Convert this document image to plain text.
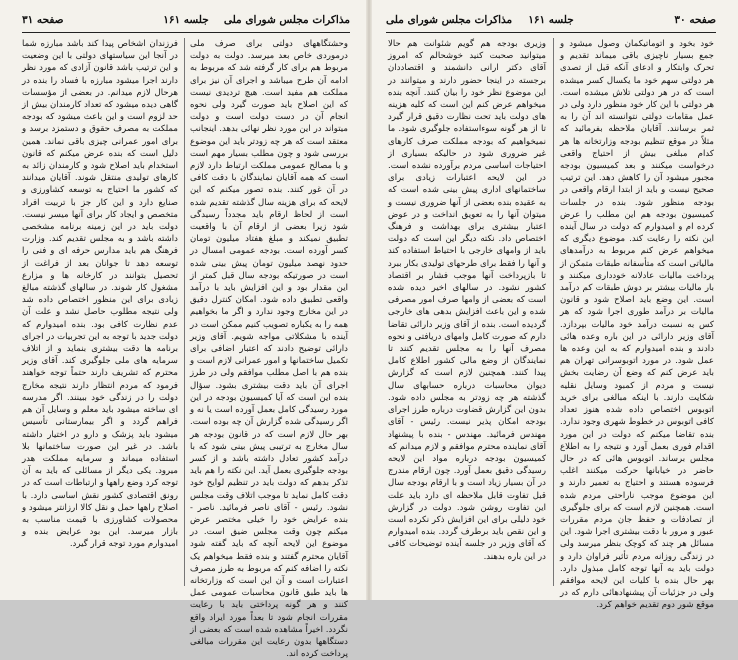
مذاکرات مجلس شورای ملی
جلسه ۱۶۱
صفحه ۳۱

وحشتگاههای دولتی برای صرف ملی درموردی خاص بعد میرسد. دولت به دولت مربوط هم برای کار گرفته شد که مربوط به ادامه آن طرح میباشد و اجرای آن نیز برای مملکت هم مفید است. هیچ تردیدی نیست که این اصلاح باید صورت گیرد ولی نحوه انجام آن در دست دولت است و دولت میتواند در این مورد نظر نهائی بدهد. اینجانب معتقد است که هر چه زودتر باید این موضوع بررسی شود و چون مطلب بسیار مهم است و با مصالح عمومی مملکت ارتباط دارد لازم است که همه آقایان نمایندگان با دقت کافی در آن غور کنند. بنده تصور میکنم که این لایحه که برای هزینه سال گذشته تقدیم شده است از لحاظ ارقام باید مجدداً رسیدگی شود زیرا بعضی از ارقام آن با واقعیت تطبیق نمیکند و مبلغ هفتاد میلیون تومان کسر آورده است. بودجه عمومی امسال در حدود نهصد میلیون تومان پیش بینی شده است در صورتیکه بودجه سال قبل کمتر از این مقدار بود و این افزایش باید با درآمد واقعی تطبیق داده شود. امکان کنترل دقیق در این مخارج وجود ندارد و اگر ما بخواهیم همه را به یکباره تصویب کنیم ممکن است در آینده با مشکلاتی مواجه شویم. آقای وزیر دارائی توضیح دادند که اعتبار اضافی برای تکمیل ساختمانها و امور عمرانی لازم است و بنده هم با اصل مطلب موافقم ولی در طرز اجرای آن باید دقت بیشتری بشود. سؤال بنده این است که آیا کمیسیون بودجه در این مورد رسیدگی کامل بعمل آورده است یا نه و اگر رسیدگی شده گزارش آن چه بوده است. بهر حال لازم است که در قانون بودجه هر سال مخارج به ترتیبی پیش بینی شود که با درآمد کشور تعادل داشته باشد و از کسر بودجه جلوگیری بعمل آید. این نکته را هم باید تذکر بدهم که دولت باید در تنظیم لوایح خود دقت کامل نماید تا موجب اتلاف وقت مجلس نشود. رئیس - آقای ناصر فرمائید. ناصر - بنده عرایض خود را خیلی مختصر عرض میکنم چون وقت مجلس ضیق است. در موضوع این لایحه آنچه که باید گفته شود آقایان محترم گفتند و بنده فقط میخواهم یک نکته را اضافه کنم که مربوط به طرز مصرف اعتبارات است و آن این است که وزارتخانه ها باید طبق قانون محاسبات عمومی عمل کنند و هر گونه پرداختی باید با رعایت مقررات انجام شود تا بعداً مورد ایراد واقع نگردد. اخیراً مشاهده شده است که بعضی از دستگاهها بدون رعایت این مقررات مبالغی پرداخت کرده اند.

فرزندان اشخاص پیدا کند باشد مبارزه شما در آنجا این سیاستهای دولتی با این وضعیت و این ترتیب باشد قانون آزادی که مورد نظر دارند اجرا میشود مبارزه با فساد را بنده در هرحال لازم میدانم. در بعضی از مؤسسات گاهی دیده میشود که تعداد کارمندان بیش از حد لزوم است و این باعث میشود که بودجه مملکت به مصرف حقوق و دستمزد برسد و برای امور عمرانی چیزی باقی نماند. همین دلیل است که بنده عرض میکنم که قانون استخدام باید اصلاح شود و کارمندان زائد به کارهای تولیدی منتقل شوند. آقایان میدانند که کشور ما احتیاج به توسعه کشاورزی و صنایع دارد و این کار جز با تربیت افراد متخصص و ایجاد کار برای آنها میسر نیست. دولت باید در این زمینه برنامه مشخصی داشته باشد و به مجلس تقدیم کند. وزارت فرهنگ هم باید مدارس حرفه ای و فنی را توسعه دهد تا جوانان بعد از فراغت از تحصیل بتوانند در کارخانه ها و مزارع مشغول کار شوند. در سالهای گذشته مبالغ زیادی برای این منظور اختصاص داده شد ولی نتیجه مطلوب حاصل نشد و علت آن عدم نظارت کافی بود. بنده امیدوارم که دولت جدید با توجه به این تجربیات در اجرای برنامه ها دقت بیشتری بنماید و از اتلاف سرمایه های ملی جلوگیری کند. آقای وزیر محترم که تشریف دارند حتماً توجه خواهند فرمود که مردم انتظار دارند نتیجه مخارج دولت را در زندگی خود ببینند. اگر مدرسه ای ساخته میشود باید معلم و وسایل آن هم فراهم گردد و اگر بیمارستانی تأسیس میشود باید پزشک و دارو در اختیار داشته باشد. در غیر این صورت ساختمانها بلا استفاده میماند و سرمایه مملکت هدر میرود. یکی دیگر از مسائلی که باید به آن توجه کرد وضع راهها و ارتباطات است که در رونق اقتصادی کشور نقش اساسی دارد. با اصلاح راهها حمل و نقل کالا ارزانتر میشود و محصولات کشاورزی با قیمت مناسب به بازار میرسد. این بود عرایض بنده و امیدوارم مورد توجه قرار گیرد.

صفحه ۳۰
جلسه ۱۶۱
مذاکرات مجلس شورای ملی

خود بخود و اتوماتیکمان وصول میشود و جمع بسیار ناچیزی باقی میماند تقدیم و تحرک وابتکار و ادعای آنکه قبل از تصدی هر دولتی سهم خود ما یکسال کسر میشده است که در هر دولتی تلاش میشده است. هر دولتی با این کار خود منظور دارد ولی در عمل مقامات دولتی نتوانسته اند آن را به ثمر برسانند. آقایان ملاحظه بفرمائید که مثلاً در موقع تنظیم بودجه وزارتخانه ها هر کدام مبلغی بیش از احتیاج واقعی درخواست میکنند و بعد کمیسیون بودجه مجبور میشود آن را کاهش دهد. این ترتیب صحیح نیست و باید از ابتدا ارقام واقعی در بودجه منظور شود. بنده در جلسات کمیسیون بودجه هم این مطلب را عرض کرده ام و امیدوارم که دولت در سال آینده این نکته را رعایت کند. موضوع دیگری که میخواهم عرض کنم مربوط به درآمدهای مالیاتی است که متأسفانه طبقات متمکن از پرداخت مالیات عادلانه خودداری میکنند و بار مالیات بیشتر بر دوش طبقات کم درآمد است. این وضع باید اصلاح شود و قانون مالیات بر درآمد طوری اجرا شود که هر کس به نسبت درآمد خود مالیات بپردازد. آقای وزیر دارائی در این باره وعده هائی دادند و بنده امیدوارم که به این وعده ها عمل شود. در مورد اتوبوسرانی تهران هم باید عرض کنم که وضع آن رضایت بخش نیست و مردم از کمبود وسایل نقلیه شکایت دارند. با اینکه مبالغی برای خرید اتوبوس اختصاص داده شده هنوز تعداد کافی اتوبوس در خطوط شهری وجود ندارد. بنده تقاضا میکنم که دولت در این مورد اقدام فوری بعمل آورد و نتیجه را به اطلاع مجلس برساند. اتوبوس هائی که در حال حاضر در خیابانها حرکت میکنند اغلب فرسوده هستند و احتیاج به تعمیر دارند و این موضوع موجب ناراحتی مردم شده است. همچنین لازم است که برای جلوگیری از تصادفات و حفظ جان مردم مقررات عبور و مرور با دقت بیشتری اجرا شود. این مسائل هر چند که کوچک بنظر میرسد ولی در زندگی روزانه مردم تأثیر فراوان دارد و دولت باید به آنها توجه کامل مبذول دارد. بهر حال بنده با کلیات این لایحه موافقم ولی در جزئیات آن پیشنهادهائی دارم که در موقع شور دوم تقدیم خواهم کرد.

وزیری بودجه هم گویم شئوانت هم حالا میتوانید صحبت کنید خوشحالم که امروز آقای دکتر ارانی دانشمند و اقتصاددان برجسته در اینجا حضور دارند و میتوانند در این موضوع نظر خود را بیان کنند. آنچه بنده میخواهم عرض کنم این است که کلیه هزینه های دولت باید تحت نظارت دقیق قرار گیرد تا از هر گونه سوءاستفاده جلوگیری شود. ما نمیخواهیم که بودجه مملکت صرف کارهای غیر ضروری شود در حالیکه بسیاری از احتیاجات اساسی مردم برآورده نشده است. در این لایحه اعتبارات زیادی برای ساختمانهای اداری پیش بینی شده است که به عقیده بنده بعضی از آنها ضروری نیست و میتوان آنها را به تعویق انداخت و در عوض اعتبار بیشتری برای بهداشت و فرهنگ اختصاص داد. نکته دیگر این است که دولت باید از وامهای خارجی با احتیاط استفاده کند و آنها را فقط برای طرحهای تولیدی بکار ببرد تا بازپرداخت آنها موجب فشار بر اقتصاد کشور نشود. در سالهای اخیر دیده شده است که بعضی از وامها صرف امور مصرفی شده و این باعث افزایش بدهی های خارجی گردیده است. بنده از آقای وزیر دارائی تقاضا دارم که صورت کامل وامهای دریافتی و نحوه مصرف آنها را به مجلس تقدیم کنند تا نمایندگان از وضع مالی کشور اطلاع کامل پیدا کنند. همچنین لازم است که گزارش دیوان محاسبات درباره حسابهای سال گذشته هر چه زودتر به مجلس داده شود. بدون این گزارش قضاوت درباره طرز اجرای بودجه امکان پذیر نیست. رئیس - آقای مهندس فرمائید. مهندس - بنده با پیشنهاد آقای نماینده محترم موافقم و لازم میدانم که کمیسیون بودجه درباره مواد این لایحه رسیدگی دقیق بعمل آورد. چون ارقام مندرج در آن بسیار زیاد است و با ارقام بودجه سال قبل تفاوت قابل ملاحظه ای دارد باید علت این تفاوت روشن شود. دولت در گزارش خود دلیلی برای این افزایش ذکر نکرده است و این نقص باید برطرف گردد. بنده امیدوارم که آقای وزیر در جلسه آینده توضیحات کافی در این باره بدهند.
